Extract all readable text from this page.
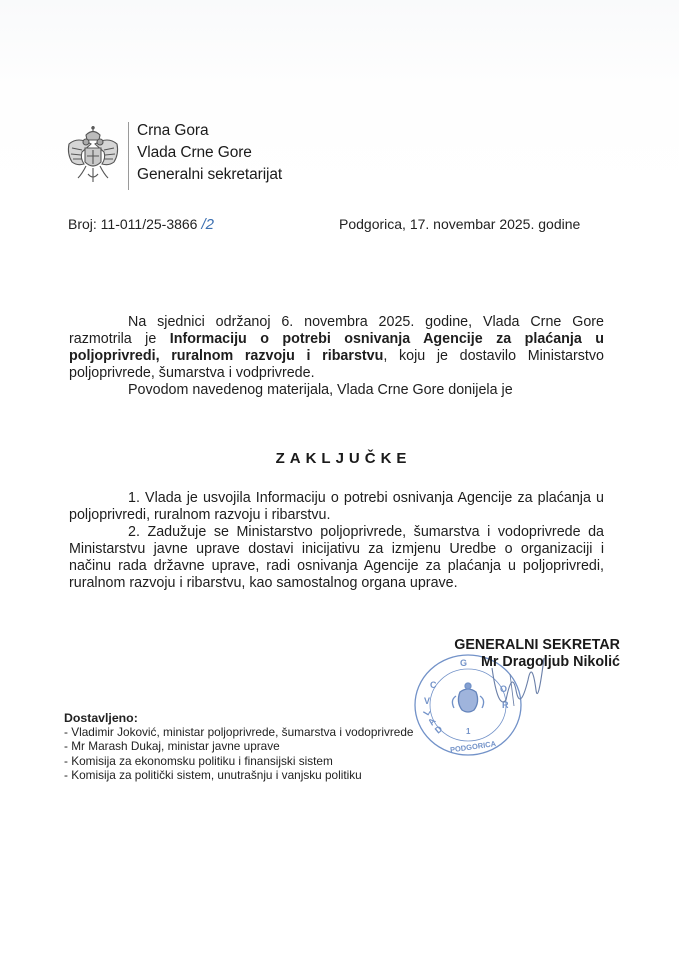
Crna Gora
Vlada Crne Gore
Generalni sekretarijat
Broj: 11-011/25-3866 /2	Podgorica, 17. novembar 2025. godine

Na sjednici održanoj 6. novembra 2025. godine, Vlada Crne Gore razmotrila je Informaciju o potrebi osnivanja Agencije za plaćanja u poljoprivredi, ruralnom razvoju i ribarstvu, koju je dostavilo Ministarstvo poljoprivrede, šumarstva i vodprivrede.

Povodom navedenog materijala, Vlada Crne Gore donijela je

ZAKLJUČKE

1. Vlada je usvojila Informaciju o potrebi osnivanja Agencije za plaćanja u poljoprivredi, ruralnom razvoju i ribarstvu.

2. Zadužuje se Ministarstvo poljoprivrede, šumarstva i vodoprivrede da Ministarstvu javne uprave dostavi inicijativu za izmjenu Uredbe o organizaciji i načinu rada državne uprave, radi osnivanja Agencije za plaćanja u poljoprivredi, ruralnom razvoju i ribarstvu, kao samostalnog organa uprave.

GENERALNI SEKRETAR
Mr Dragoljub Nikolić
C
V
L
A
D
G
O
R
1
PODGORICA
Dostavljeno:
- Vladimir Joković, ministar poljoprivrede, šumarstva i vodoprivrede
- Mr Marash Dukaj, ministar javne uprave
- Komisija za ekonomsku politiku i finansijski sistem
- Komisija za politički sistem, unutrašnju i vanjsku politiku
